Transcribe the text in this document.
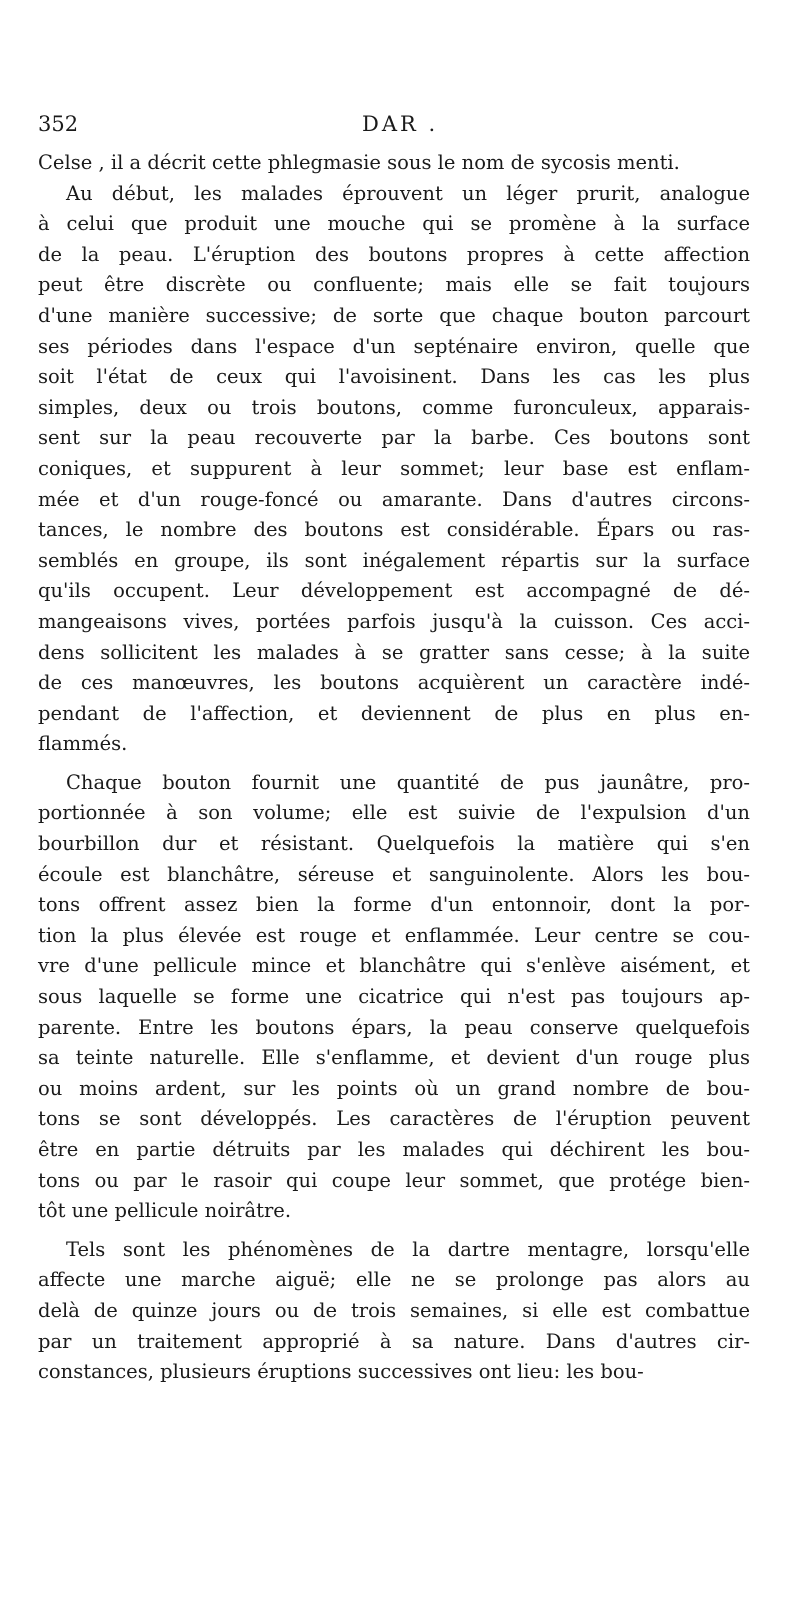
352	DAR .
Celse , il a décrit cette phlegmasie sous le nom de sycosis menti.
Au début, les malades éprouvent un léger prurit, analogue
à celui que produit une mouche qui se promène à la surface
de la peau. L'éruption des boutons propres à cette affection
peut être discrète ou confluente; mais elle se fait toujours
d'une manière successive; de sorte que chaque bouton parcourt
ses périodes dans l'espace d'un septénaire environ, quelle que
soit l'état de ceux qui l'avoisinent. Dans les cas les plus
simples, deux ou trois boutons, comme furonculeux, apparais-
sent sur la peau recouverte par la barbe. Ces boutons sont
coniques, et suppurent à leur sommet; leur base est enflam-
mée et d'un rouge-foncé ou amarante. Dans d'autres circons-
tances, le nombre des boutons est considérable. Épars ou ras-
semblés en groupe, ils sont inégalement répartis sur la surface
qu'ils occupent. Leur développement est accompagné de dé-
mangeaisons vives, portées parfois jusqu'à la cuisson. Ces acci-
dens sollicitent les malades à se gratter sans cesse; à la suite
de ces manœuvres, les boutons acquièrent un caractère indé-
pendant de l'affection, et deviennent de plus en plus en-
flammés.
Chaque bouton fournit une quantité de pus jaunâtre, pro-
portionnée à son volume; elle est suivie de l'expulsion d'un
bourbillon dur et résistant. Quelquefois la matière qui s'en
écoule est blanchâtre, séreuse et sanguinolente. Alors les bou-
tons offrent assez bien la forme d'un entonnoir, dont la por-
tion la plus élevée est rouge et enflammée. Leur centre se cou-
vre d'une pellicule mince et blanchâtre qui s'enlève aisément, et
sous laquelle se forme une cicatrice qui n'est pas toujours ap-
parente. Entre les boutons épars, la peau conserve quelquefois
sa teinte naturelle. Elle s'enflamme, et devient d'un rouge plus
ou moins ardent, sur les points où un grand nombre de bou-
tons se sont développés. Les caractères de l'éruption peuvent
être en partie détruits par les malades qui déchirent les bou-
tons ou par le rasoir qui coupe leur sommet, que protége bien-
tôt une pellicule noirâtre.
Tels sont les phénomènes de la dartre mentagre, lorsqu'elle
affecte une marche aiguë; elle ne se prolonge pas alors au
delà de quinze jours ou de trois semaines, si elle est combattue
par un traitement approprié à sa nature. Dans d'autres cir-
constances, plusieurs éruptions successives ont lieu: les bou-
